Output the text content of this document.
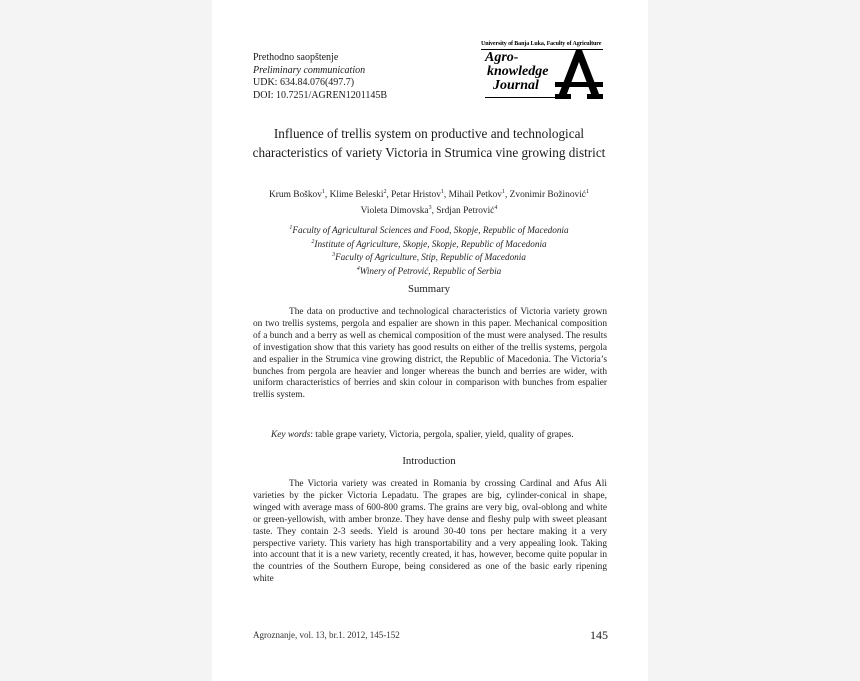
Prethodno saopštenje
Preliminary communication
UDK: 634.84.076(497.7)
DOI: 10.7251/AGREN1201145B
University of Banja Luka, Faculty of Agriculture
Agro-
knowledge
Journal
Influence of trellis system on productive and technological characteristics of variety Victoria in Strumica vine growing district
Krum Boškov$^1$, Klime Beleski$^2$, Petar Hristov$^1$, Mihail Petkov$^1$, Zvonimir Božinović$^1$
Violeta Dimovska$^3$, Srdjan Petrović$^4$
$^1$Faculty of Agricultural Sciences and Food, Skopje, Republic of Macedonia
$^2$Institute of Agriculture, Skopje, Skopje, Republic of Macedonia
$^3$Faculty of Agriculture, Stip, Republic of Macedonia
$^4$Winery of Petrović, Republic of Serbia
Summary
The data on productive and technological characteristics of Victoria variety grown on two trellis systems, pergola and espalier are shown in this paper. Mechanical composition of a bunch and a berry as well as chemical composition of the must were analysed. The results of investigation show that this variety has good results on either of the trellis systems, pergola and espalier in the Strumica vine growing district, the Republic of Macedonia. The Victoria’s bunches from pergola are heavier and longer whereas the bunch and berries are wider, with uniform characteristics of berries and skin colour in comparison with bunches from espalier trellis system.
Key words: table grape variety, Victoria, pergola, spalier, yield, quality of grapes.
Introduction
The Victoria variety was created in Romania by crossing Cardinal and Afus Ali varieties by the picker Victoria Lepadatu. The grapes are big, cylinder-conical in shape, winged with average mass of 600-800 grams. The grains are very big, oval-oblong and white or green-yellowish, with amber bronze. They have dense and fleshy pulp with sweet pleasant taste. They contain 2-3 seeds. Yield is around 30-40 tons per hectare making it a very perspective variety. This variety has high transportability and a very appealing look. Taking into account that it is a new variety, recently created, it has, however, become quite popular in the countries of the Southern Europe, being considered as one of the basic early ripening white
Agroznanje, vol. 13, br.1. 2012, 145-152	145
